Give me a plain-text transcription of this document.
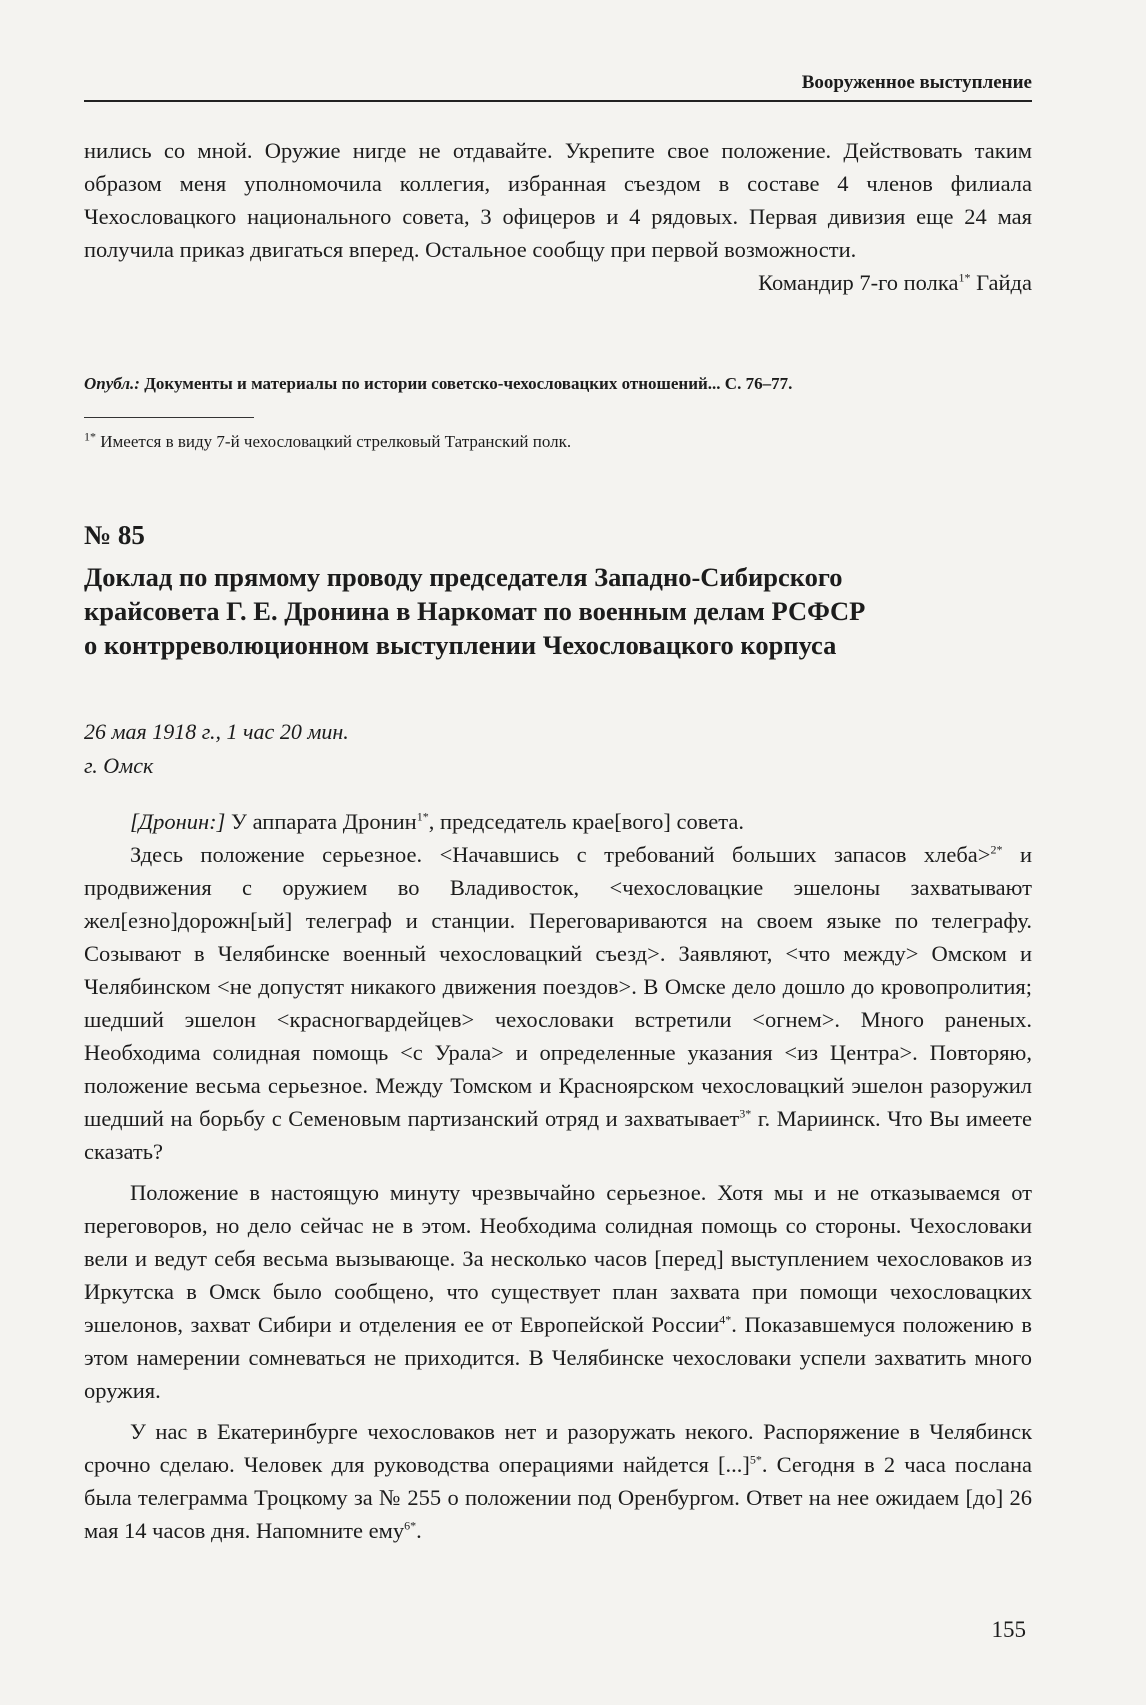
Вооруженное выступление

нились со мной. Оружие нигде не отдавайте. Укрепите свое положение. Действовать таким образом меня уполномочила коллегия, избранная съездом в составе 4 членов филиала Чехословацкого национального совета, 3 офицеров и 4 рядовых. Первая дивизия еще 24 мая получила приказ двигаться вперед. Остальное сообщу при первой возможности.

Командир 7-го полка$^{1*}$ Гайда

Опубл.: Документы и материалы по истории советско-чехословацких отношений... С. 76–77.
$^{1*}$ Имеется в виду 7-й чехословацкий стрелковый Татранский полк.
№ 85
Доклад по прямому проводу председателя Западно-Сибирского крайсовета Г. Е. Дронина в Наркомат по военным делам РСФСР о контрреволюционном выступлении Чехословацкого корпуса
26 мая 1918 г., 1 час 20 мин.
г. Омск

[Дронин:] У аппарата Дронин$^{1*}$, председатель крае[вого] совета.

Здесь положение серьезное. <Начавшись с требований больших запасов хлеба>$^{2*}$ и продвижения с оружием во Владивосток, <чехословацкие эшелоны захватывают жел[езно]дорожн[ый] телеграф и станции. Переговариваются на своем языке по телеграфу. Созывают в Челябинске военный чехословацкий съезд>. Заявляют, <что между> Омском и Челябинском <не допустят никакого движения поездов>. В Омске дело дошло до кровопролития; шедший эшелон <красногвардейцев> чехословаки встретили <огнем>. Много раненых. Необходима солидная помощь <с Урала> и определенные указания <из Центра>. Повторяю, положение весьма серьезное. Между Томском и Красноярском чехословацкий эшелон разоружил шедший на борьбу с Семеновым партизанский отряд и захватывает$^{3*}$ г. Мариинск. Что Вы имеете сказать?

Положение в настоящую минуту чрезвычайно серьезное. Хотя мы и не отказываемся от переговоров, но дело сейчас не в этом. Необходима солидная помощь со стороны. Чехословаки вели и ведут себя весьма вызывающе. За несколько часов [перед] выступлением чехословаков из Иркутска в Омск было сообщено, что существует план захвата при помощи чехословацких эшелонов, захват Сибири и отделения ее от Европейской России$^{4*}$. Показавшемуся положению в этом намерении сомневаться не приходится. В Челябинске чехословаки успели захватить много оружия.

У нас в Екатеринбурге чехословаков нет и разоружать некого. Распоряжение в Челябинск срочно сделаю. Человек для руководства операциями найдется [...]$^{5*}$. Сегодня в 2 часа послана была телеграмма Троцкому за № 255 о положении под Оренбургом. Ответ на нее ожидаем [до] 26 мая 14 часов дня. Напомните ему$^{6*}$.

155
